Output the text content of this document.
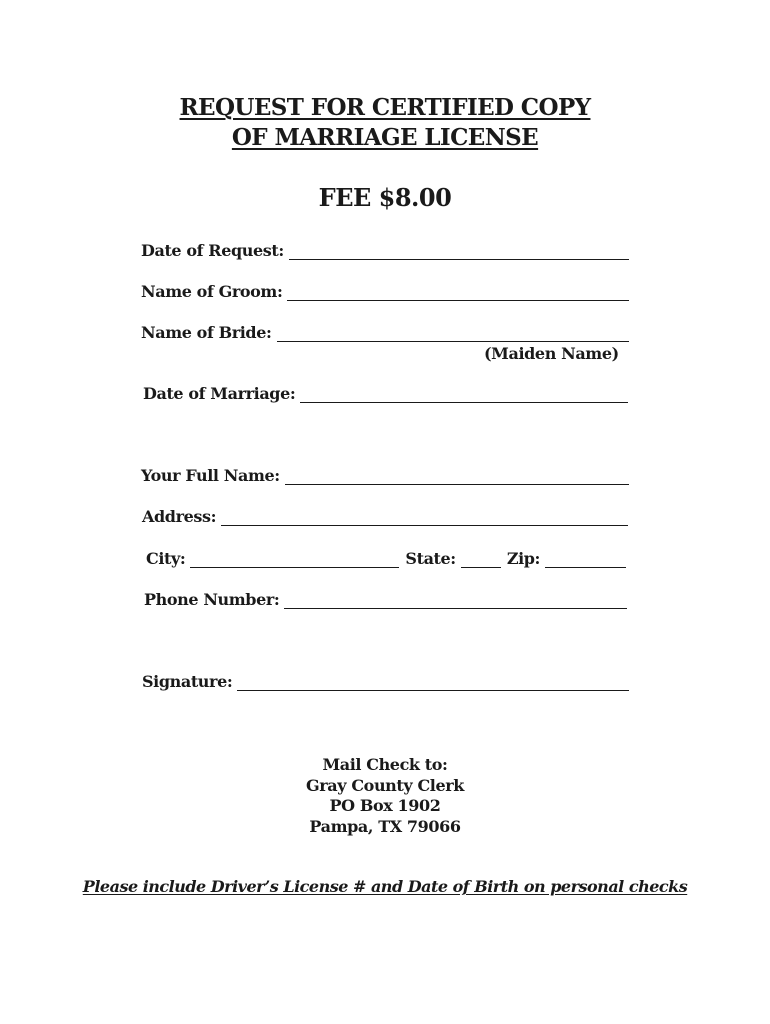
REQUEST FOR CERTIFIED COPY
OF MARRIAGE LICENSE
FEE $8.00
Date of Request:
Name of Groom:
Name of Bride:
(Maiden Name)
Date of Marriage:
Your Full Name:
Address:
City:	State:	Zip:
Phone Number:
Signature:
Mail Check to:
Gray County Clerk
PO Box 1902
Pampa, TX 79066
Please include Driver’s License # and Date of Birth on personal checks
